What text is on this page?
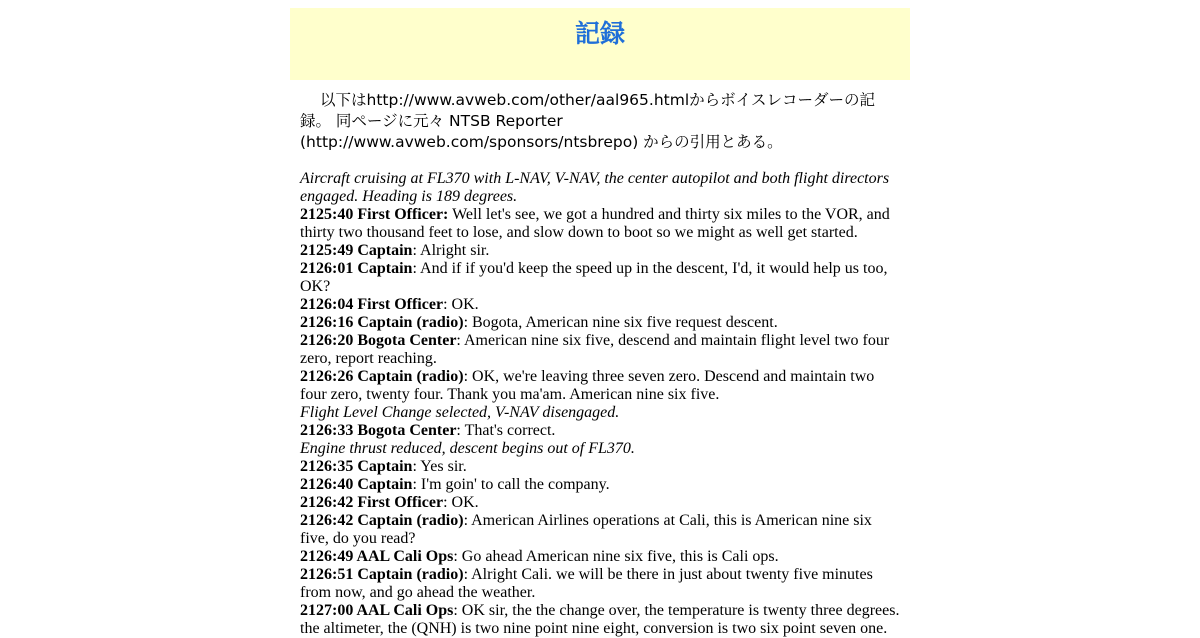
記録

以下はhttp://www.avweb.com/other/aal965.htmlからボイスレコーダーの記録。 同ページに元々 NTSB Reporter (http://www.avweb.com/sponsors/ntsbrepo) からの引用とある。

Aircraft cruising at FL370 with L-NAV, V-NAV, the center autopilot and both flight directors engaged. Heading is 189 degrees.

2125:40 First Officer: Well let's see, we got a hundred and thirty six miles to the VOR, and thirty two thousand feet to lose, and slow down to boot so we might as well get started.

2125:49 Captain: Alright sir.

2126:01 Captain: And if if you'd keep the speed up in the descent, I'd, it would help us too, OK?

2126:04 First Officer: OK.

2126:16 Captain (radio): Bogota, American nine six five request descent.

2126:20 Bogota Center: American nine six five, descend and maintain flight level two four zero, report reaching.

2126:26 Captain (radio): OK, we're leaving three seven zero. Descend and maintain two four zero, twenty four. Thank you ma'am. American nine six five.

Flight Level Change selected, V-NAV disengaged.

2126:33 Bogota Center: That's correct.

Engine thrust reduced, descent begins out of FL370.

2126:35 Captain: Yes sir.

2126:40 Captain: I'm goin' to call the company.

2126:42 First Officer: OK.

2126:42 Captain (radio): American Airlines operations at Cali, this is American nine six five, do you read?

2126:49 AAL Cali Ops: Go ahead American nine six five, this is Cali ops.

2126:51 Captain (radio): Alright Cali. we will be there in just about twenty five minutes from now, and go ahead the weather.

2127:00 AAL Cali Ops: OK sir, the the change over, the temperature is twenty three degrees. the altimeter, the (QNH) is two nine point nine eight, conversion is two six point seven one.
